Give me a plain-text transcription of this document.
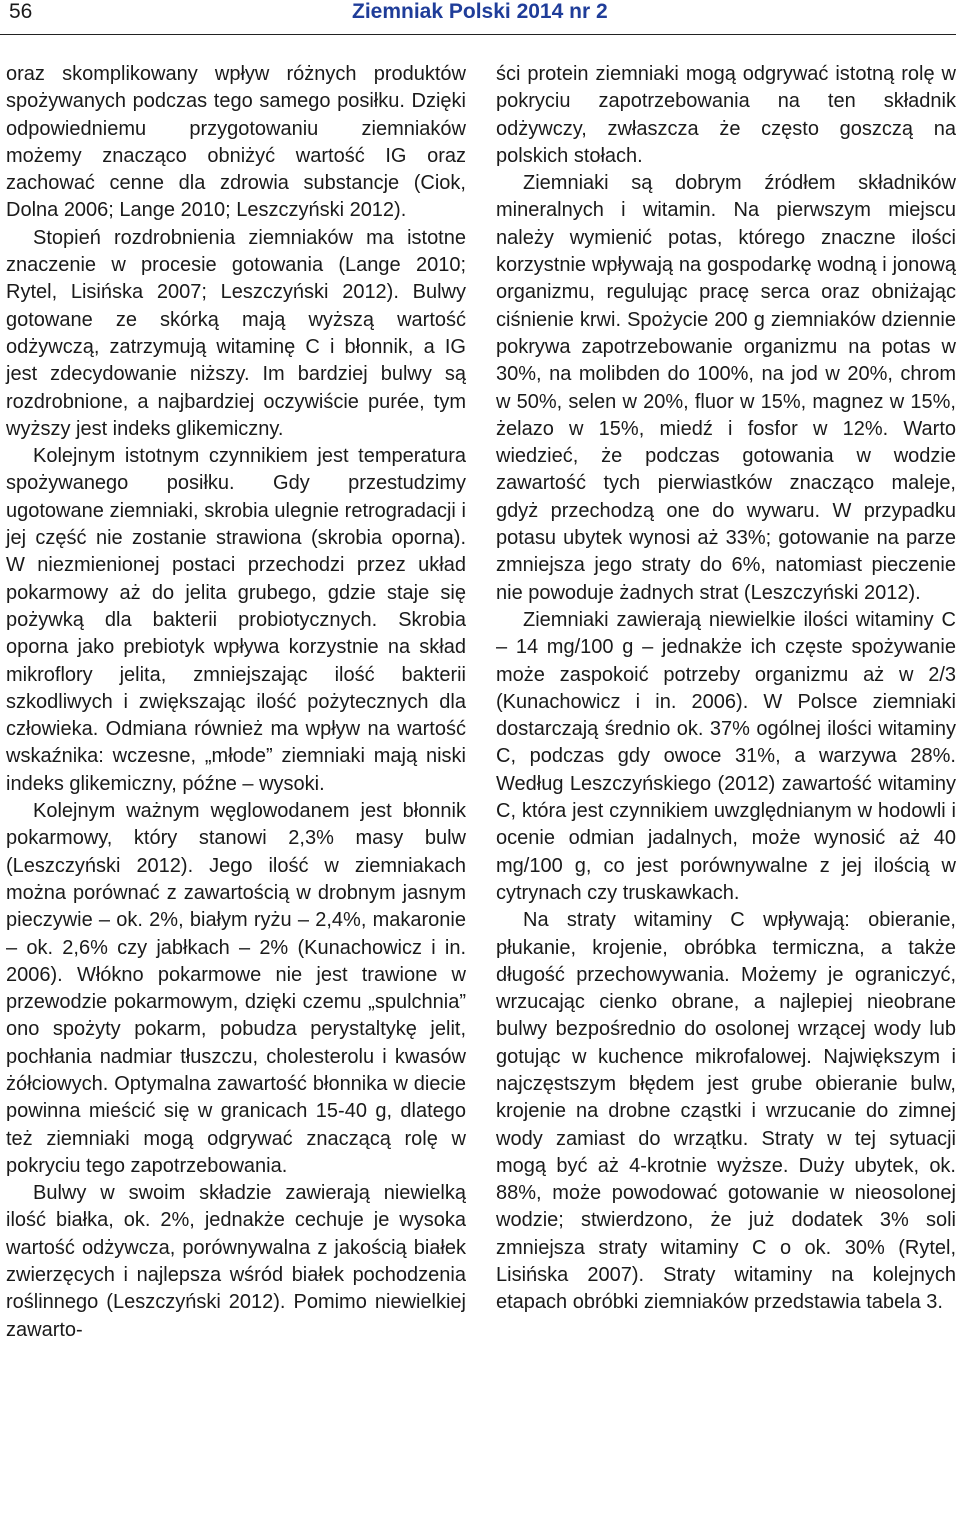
56	Ziemniak Polski 2014 nr 2

oraz skomplikowany wpływ różnych produktów spożywanych podczas tego samego posiłku. Dzięki odpowiedniemu przygotowaniu ziemniaków możemy znacząco obniżyć wartość IG oraz zachować cenne dla zdrowia substancje (Ciok, Dolna 2006; Lange 2010; Leszczyński 2012).

Stopień rozdrobnienia ziemniaków ma istotne znaczenie w procesie gotowania (Lange 2010; Rytel, Lisińska 2007; Leszczyński 2012). Bulwy gotowane ze skórką mają wyższą wartość odżywczą, zatrzymują witaminę C i błonnik, a IG jest zdecydowanie niższy. Im bardziej bulwy są rozdrobnione, a najbardziej oczywiście purée, tym wyższy jest indeks glikemiczny.

Kolejnym istotnym czynnikiem jest temperatura spożywanego posiłku. Gdy przestudzimy ugotowane ziemniaki, skrobia ulegnie retrogradacji i jej część nie zostanie strawiona (skrobia oporna). W niezmienionej postaci przechodzi przez układ pokarmowy aż do jelita grubego, gdzie staje się pożywką dla bakterii probiotycznych. Skrobia oporna jako prebiotyk wpływa korzystnie na skład mikroflory jelita, zmniejszając ilość bakterii szkodliwych i zwiększając ilość pożytecznych dla człowieka. Odmiana również ma wpływ na wartość wskaźnika: wczesne, „młode” ziemniaki mają niski indeks glikemiczny, późne – wysoki.

Kolejnym ważnym węglowodanem jest błonnik pokarmowy, który stanowi 2,3% masy bulw (Leszczyński 2012). Jego ilość w ziemniakach można porównać z zawartością w drobnym jasnym pieczywie – ok. 2%, białym ryżu – 2,4%, makaronie – ok. 2,6% czy jabłkach – 2% (Kunachowicz i in. 2006). Włókno pokarmowe nie jest trawione w przewodzie pokarmowym, dzięki czemu „spulchnia” ono spożyty pokarm, pobudza perystaltykę jelit, pochłania nadmiar tłuszczu, cholesterolu i kwasów żółciowych. Optymalna zawartość błonnika w diecie powinna mieścić się w granicach 15-40 g, dlatego też ziemniaki mogą odgrywać znaczącą rolę w pokryciu tego zapotrzebowania.

Bulwy w swoim składzie zawierają niewielką ilość białka, ok. 2%, jednakże cechuje je wysoka wartość odżywcza, porównywalna z jakością białek zwierzęcych i najlepsza wśród białek pochodzenia roślinnego (Leszczyński 2012). Pomimo niewielkiej zawarto-

ści protein ziemniaki mogą odgrywać istotną rolę w pokryciu zapotrzebowania na ten składnik odżywczy, zwłaszcza że często goszczą na polskich stołach.

Ziemniaki są dobrym źródłem składników mineralnych i witamin. Na pierwszym miejscu należy wymienić potas, którego znaczne ilości korzystnie wpływają na gospodarkę wodną i jonową organizmu, regulując pracę serca oraz obniżając ciśnienie krwi. Spożycie 200 g ziemniaków dziennie pokrywa zapotrzebowanie organizmu na potas w 30%, na molibden do 100%, na jod w 20%, chrom w 50%, selen w 20%, fluor w 15%, magnez w 15%, żelazo w 15%, miedź i fosfor w 12%. Warto wiedzieć, że podczas gotowania w wodzie zawartość tych pierwiastków znacząco maleje, gdyż przechodzą one do wywaru. W przypadku potasu ubytek wynosi aż 33%; gotowanie na parze zmniejsza jego straty do 6%, natomiast pieczenie nie powoduje żadnych strat (Leszczyński 2012).

Ziemniaki zawierają niewielkie ilości witaminy C – 14 mg/100 g – jednakże ich częste spożywanie może zaspokoić potrzeby organizmu aż w 2/3 (Kunachowicz i in. 2006). W Polsce ziemniaki dostarczają średnio ok. 37% ogólnej ilości witaminy C, podczas gdy owoce 31%, a warzywa 28%. Według Leszczyńskiego (2012) zawartość witaminy C, która jest czynnikiem uwzględnianym w hodowli i ocenie odmian jadalnych, może wynosić aż 40 mg/100 g, co jest porównywalne z jej ilością w cytrynach czy truskawkach.

Na straty witaminy C wpływają: obieranie, płukanie, krojenie, obróbka termiczna, a także długość przechowywania. Możemy je ograniczyć, wrzucając cienko obrane, a najlepiej nieobrane bulwy bezpośrednio do osolonej wrzącej wody lub gotując w kuchence mikrofalowej. Największym i najczęstszym błędem jest grube obieranie bulw, krojenie na drobne cząstki i wrzucanie do zimnej wody zamiast do wrzątku. Straty w tej sytuacji mogą być aż 4-krotnie wyższe. Duży ubytek, ok. 88%, może powodować gotowanie w nieosolonej wodzie; stwierdzono, że już dodatek 3% soli zmniejsza straty witaminy C o ok. 30% (Rytel, Lisińska 2007). Straty witaminy na kolejnych etapach obróbki ziemniaków przedstawia tabela 3.
